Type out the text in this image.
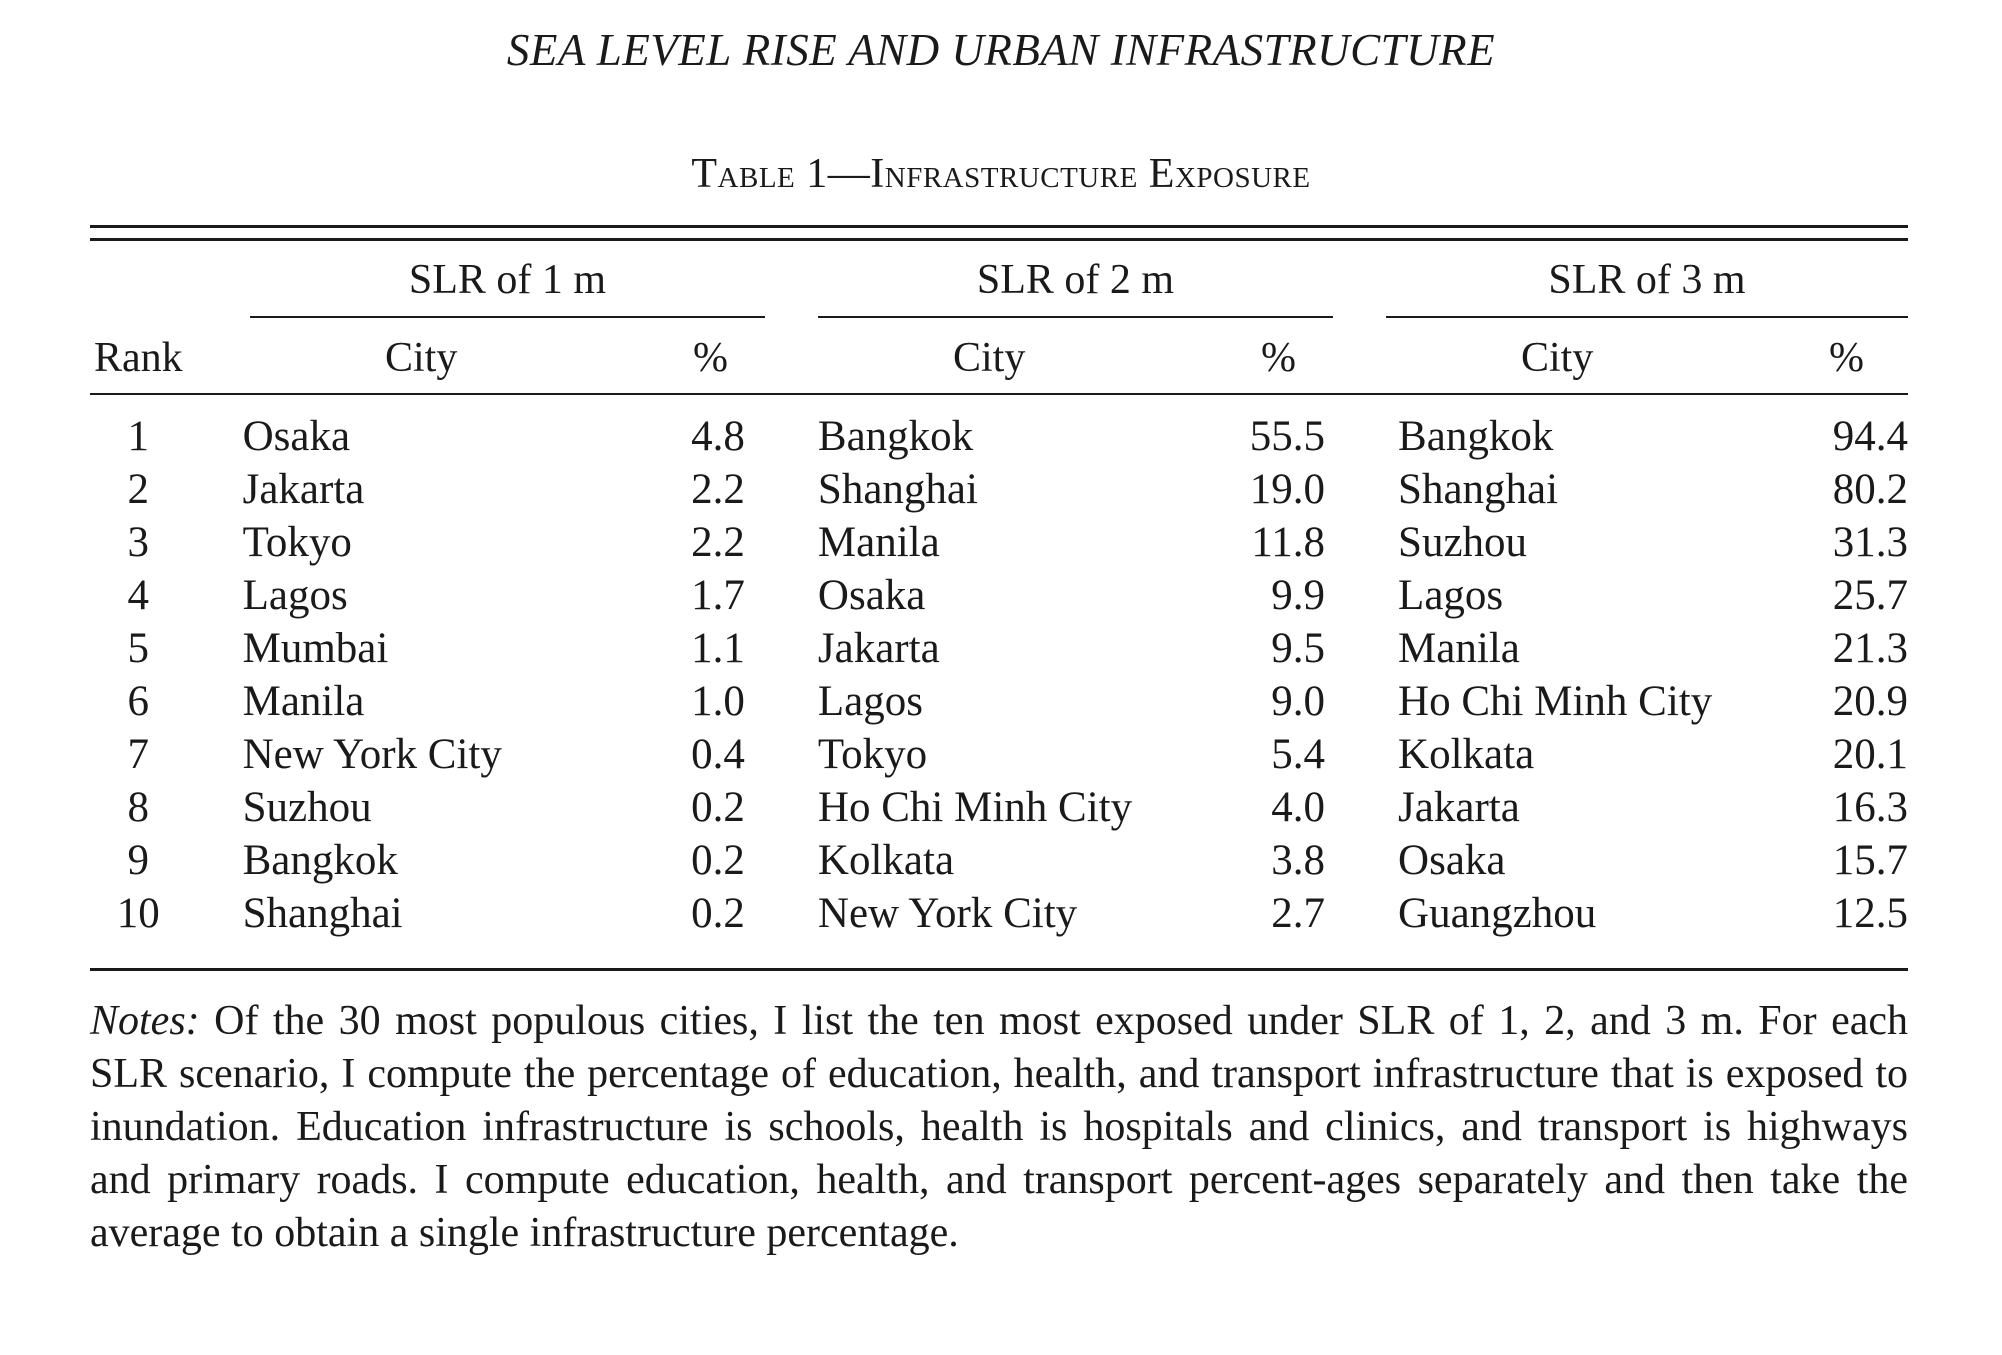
SEA LEVEL RISE AND URBAN INFRASTRUCTURE
Table 1—Infrastructure Exposure
SLR of 1 m	SLR of 2 m	SLR of 3 m
Rank	City	%	City	%	City	%
1		Osaka	4.8		Bangkok	55.5		Bangkok	94.4
2		Jakarta	2.2		Shanghai	19.0		Shanghai	80.2
3		Tokyo	2.2		Manila	11.8		Suzhou	31.3
4		Lagos	1.7		Osaka	9.9		Lagos	25.7
5		Mumbai	1.1		Jakarta	9.5		Manila	21.3
6		Manila	1.0		Lagos	9.0		Ho Chi Minh City	20.9
7		New York City	0.4		Tokyo	5.4		Kolkata	20.1
8		Suzhou	0.2		Ho Chi Minh City	4.0		Jakarta	16.3
9		Bangkok	0.2		Kolkata	3.8		Osaka	15.7
10		Shanghai	0.2		New York City	2.7		Guangzhou	12.5

Notes: Of the 30 most populous cities, I list the ten most exposed under SLR of 1, 2, and 3 m. For each SLR scenario, I compute the percentage of education, health, and transport infrastructure that is exposed to inundation. Education infrastructure is schools, health is hospitals and clinics, and transport is highways and primary roads. I compute education, health, and transport percent-ages separately and then take the average to obtain a single infrastructure percentage.
